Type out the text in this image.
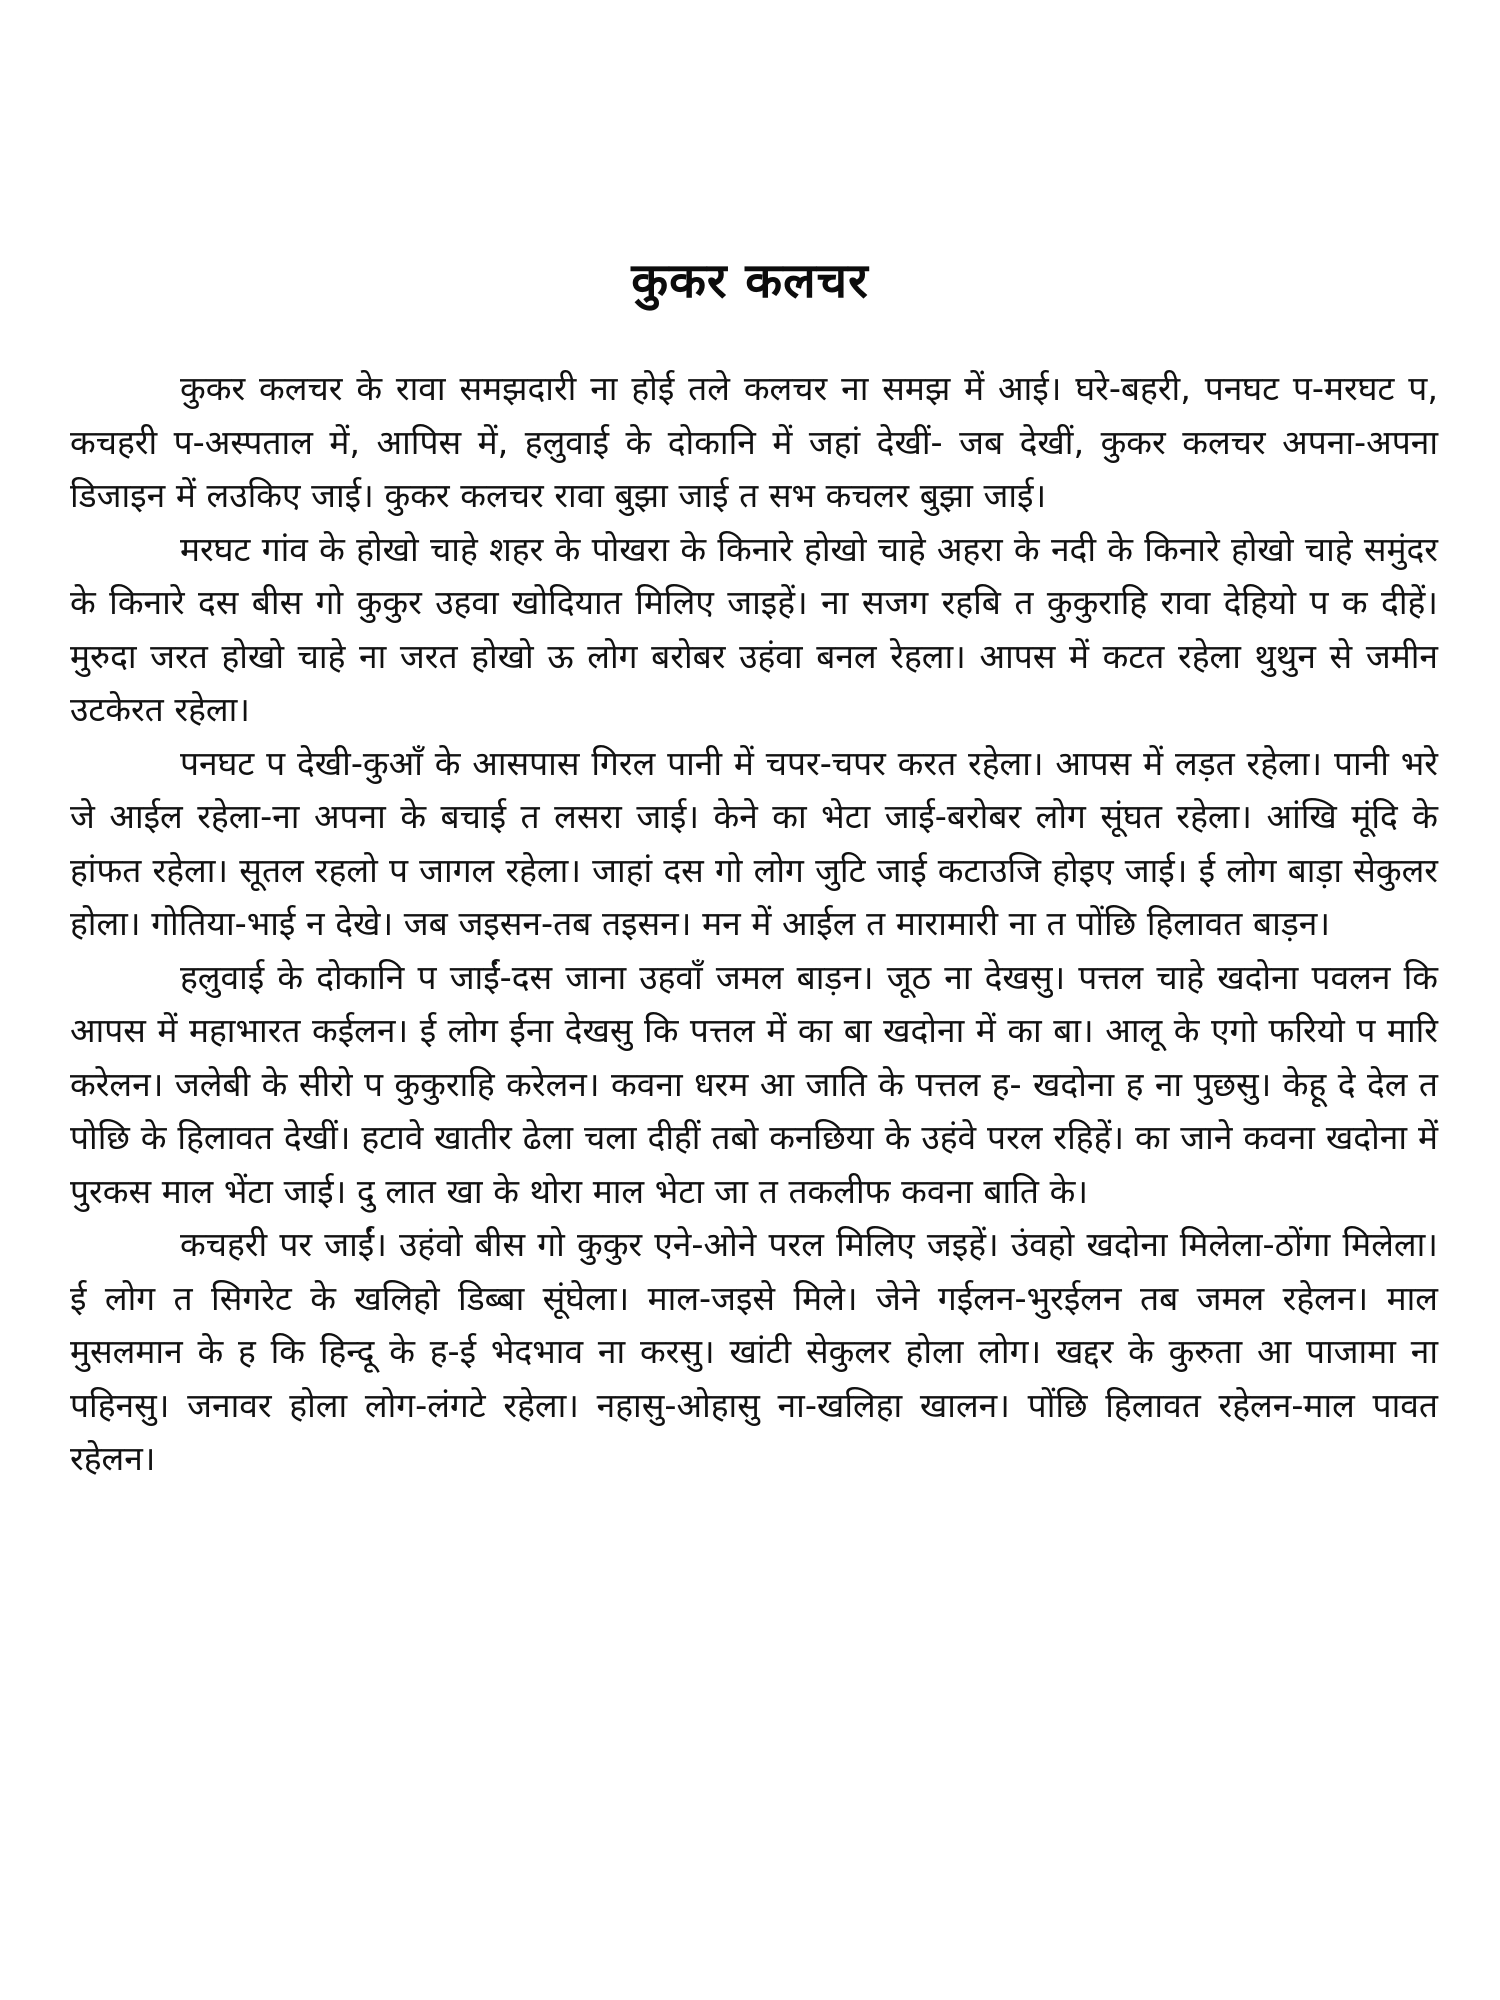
कुकर कलचर

कुकर कलचर के रावा समझदारी ना होई तले कलचर ना समझ में आई। घरे-बहरी, पनघट प-मरघट प, कचहरी प-अस्पताल में, आपिस में, हलुवाई के दोकानि में जहां देखीं- जब देखीं, कुकर कलचर अपना-अपना डिजाइन में लउकिए जाई। कुकर कलचर रावा बुझा जाई त सभ कचलर बुझा जाई।

मरघट गांव के होखो चाहे शहर के पोखरा के किनारे होखो चाहे अहरा के नदी के किनारे होखो चाहे समुंदर के किनारे दस बीस गो कुकुर उहवा खोदियात मिलिए जाइहें। ना सजग रहबि त कुकुराहि रावा देहियो प क दीहें। मुरुदा जरत होखो चाहे ना जरत होखो ऊ लोग बरोबर उहंवा बनल रेहला। आपस में कटत रहेला थुथुन से जमीन उटकेरत रहेला।

पनघट प देखी-कुआँ के आसपास गिरल पानी में चपर-चपर करत रहेला। आपस में लड़त रहेला। पानी भरे जे आईल रहेला-ना अपना के बचाई त लसरा जाई। केने का भेटा जाई-बरोबर लोग सूंघत रहेला। आंखि मूंदि के हांफत रहेला। सूतल रहलो प जागल रहेला। जाहां दस गो लोग जुटि जाई कटाउजि होइए जाई। ई लोग बाड़ा सेकुलर होला। गोतिया-भाई न देखे। जब जइसन-तब तइसन। मन में आईल त मारामारी ना त पोंछि हिलावत बाड़न।

हलुवाई के दोकानि प जाईं-दस जाना उहवाँ जमल बाड़न। जूठ ना देखसु। पत्तल चाहे खदोना पवलन कि आपस में महाभारत कईलन। ई लोग ईना देखसु कि पत्तल में का बा खदोना में का बा। आलू के एगो फरियो प मारि करेलन। जलेबी के सीरो प कुकुराहि करेलन। कवना धरम आ जाति के पत्तल ह- खदोना ह ना पुछसु। केहू दे देल त पोछि के हिलावत देखीं। हटावे खातीर ढेला चला दीहीं तबो कनछिया के उहंवे परल रहिहें। का जाने कवना खदोना में पुरकस माल भेंटा जाई। दु लात खा के थोरा माल भेटा जा त तकलीफ कवना बाति के।

कचहरी पर जाईं। उहंवो बीस गो कुकुर एने-ओने परल मिलिए जइहें। उंवहो खदोना मिलेला-ठोंगा मिलेला। ई लोग त सिगरेट के खलिहो डिब्बा सूंघेला। माल-जइसे मिले। जेने गईलन-भुरईलन तब जमल रहेलन। माल मुसलमान के ह कि हिन्दू के ह-ई भेदभाव ना करसु। खांटी सेकुलर होला लोग। खद्दर के कुरुता आ पाजामा ना पहिनसु। जनावर होला लोग-लंगटे रहेला। नहासु-ओहासु ना-खलिहा खालन। पोंछि हिलावत रहेलन-माल पावत रहेलन।
